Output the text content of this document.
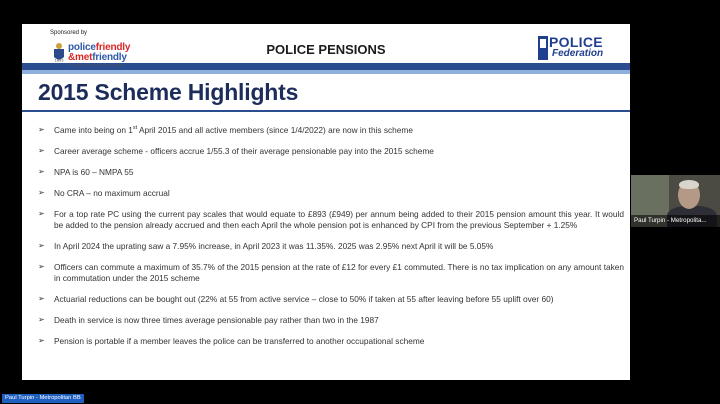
Sponsored by
1893
policefriendly
&metfriendly
The all Police Family Financial Specialists
POLICE PENSIONS	POLICE
Federation
2015 Scheme Highlights
➢ Came into being on 1st April 2015 and all active members (since 1/4/2022) are now in this scheme
➢ Career average scheme - officers accrue 1/55.3 of their average pensionable pay into the 2015 scheme
➢ NPA is 60 – NMPA 55
➢ No CRA – no maximum accrual
➢ For a top rate PC using the current pay scales that would equate to £893 (£949) per annum being added to their 2015 pension amount this year. It would be added to the pension already accrued and then each April the whole pension pot is enhanced by CPI from the previous September + 1.25%
➢ In April 2024 the uprating saw a 7.95% increase, in April 2023 it was 11.35%. 2025 was 2.95% next April it will be 5.05%
➢ Officers can commute a maximum of 35.7% of the 2015 pension at the rate of £12 for every £1 commuted. There is no tax implication on any amount taken in commutation under the 2015 scheme
➢ Actuarial reductions can be bought out (22% at 55 from active service – close to 50% if taken at 55 after leaving before 55 uplift over 60)
➢ Death in service is now three times average pensionable pay rather than two in the 1987
➢ Pension is portable if a member leaves the police can be transferred to another occupational scheme
Paul Turpin - Metropolita...
Paul Turpin - Metropolitan BB
